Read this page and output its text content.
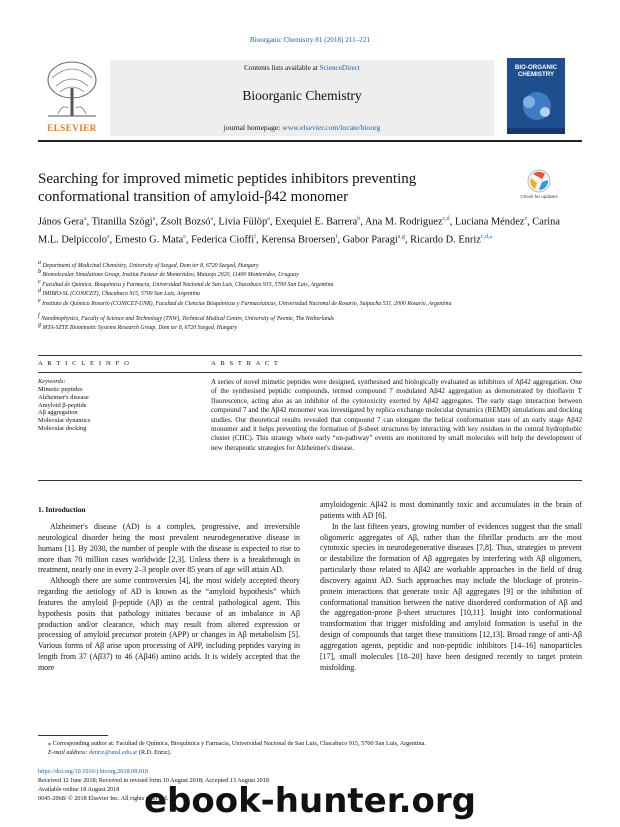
Bioorganic Chemistry 81 (2018) 211–221
ELSEVIER
Contents lists available at ScienceDirect
Bioorganic Chemistry
journal homepage: www.elsevier.com/locate/bioorg
BIO-ORGANIC CHEMISTRY
Searching for improved mimetic peptides inhibitors preventing conformational transition of amyloid-β42 monomer	Check for updates
János Gera$^a$, Titanilla Szögi$^a$, Zsolt Bozsó$^a$, Livia Fülöp$^a$, Exequiel E. Barrera$^b$, Ana M. Rodriguez$^{c,d}$, Luciana Méndez$^e$, Carina M.L. Delpiccolo$^e$, Ernesto G. Mata$^e$, Federica Cioffi$^f$, Kerensa Broersen$^f$, Gabor Paragi$^{a,g}$, Ricardo D. Enriz$^{c,d,⁎}$
$^a$ Department of Medicinal Chemistry, University of Szeged, Dom ter 8, 6720 Szeged, Hungary
$^b$ Biomolecular Simulations Group, Institut Pasteur de Montevideo, Mataojo 2020, 11400 Montevideo, Uruguay
$^c$ Facultad de Química, Bioquímica y Farmacia, Universidad Nacional de San Luis, Chacabuco 915, 5700 San Luis, Argentina
$^d$ IMIBIO-SL (CONICET), Chacabuco 915, 5700 San Luis, Argentina
$^e$ Instituto de Química Rosario (CONICET-UNR), Facultad de Ciencias Bioquímicas y Farmacéuticas, Universidad Nacional de Rosario, Suipacha 531, 2000 Rosario, Argentina
$^f$ Nanobiophysics, Faculty of Science and Technology (TNW), Technical Medical Centre, University of Twente, The Netherlands
$^g$ MTA-SZTE Biomimetic Systems Research Group, Dom ter 8, 6720 Szeged, Hungary
A R T I C L E I N F O	A B S T R A C T
Keywords:
Mimetic peptides
Alzheimer's disease
Amyloid β-peptide
Aβ aggregation
Molecular dynamics
Molecular docking
A series of novel mimetic peptides were designed, synthesised and biologically evaluated as inhibitors of Aβ42 aggregation. One of the synthesised peptidic compounds, termed compound 7 modulated Aβ42 aggregation as demonstrated by thioflavin T fluorescence, acting also as an inhibitor of the cytotoxicity exerted by Aβ42 aggregates. The early stage interaction between compound 7 and the Aβ42 monomer was investigated by replica exchange molecular dynamics (REMD) simulations and docking studies. Our theoretical results revealed that compound 7 can elongate the helical conformation state of an early stage Aβ42 monomer and it helps preventing the formation of β-sheet structures by interacting with key residues in the central hydrophobic cluster (CHC). This strategy where early “on-pathway” events are monitored by small molecules will help the development of new therapeutic strategies for Alzheimer's disease.
1. Introduction

Alzheimer's disease (AD) is a complex, progressive, and irreversible neurological disorder being the most prevalent neurodegenerative disease in humans [1]. By 2030, the number of people with the disease is expected to rise to more than 70 million cases worldwide [2,3]. Unless there is a breakthrough in treatment, nearly one in every 2–3 people over 85 years of age will attain AD.

Although there are some controversies [4], the most widely accepted theory regarding the aetiology of AD is known as the “amyloid hypothesis” which features the amyloid β-peptide (Aβ) as the central pathological agent. This hypothesis posits that pathology initiates because of an imbalance in Aβ production and/or clearance, which may result from altered expression or processing of amyloid precursor protein (APP) or changes in Aβ metabolism [5]. Various forms of Aβ arise upon processing of APP, including peptides varying in length from 37 (Aβ37) to 46 (Aβ46) amino acids. It is widely accepted that the more

amyloidogenic Aβ42 is most dominantly toxic and accumulates in the brain of patients with AD [6].

In the last fifteen years, growing number of evidences suggest that the small oligomeric aggregates of Aβ, rather than the fibrillar products are the most cytotoxic species in neurodegenerative diseases [7,8]. Thus, strategies to prevent or destabilize the formation of Aβ aggregates by interfering with Aβ oligomers, particularly those related to Aβ42 are workable approaches in the field of drug discovery against AD. Such approaches may include the blockage of protein–protein interactions that generate toxic Aβ aggregates [9] or the inhibition of conformational transition between the native disordered conformation of Aβ and the aggregation-prone β-sheet structures [10,11]. Insight into conformational transformation that trigger misfolding and amyloid formation is useful in the design of compounds that target these transitions [12,13]. Broad range of anti-Aβ aggregation agents, peptidic and non-peptidic inhibitors [14–16] nanoparticles [17], small molecules [18–20] have been designed recently to target protein misfolding.

⁎ Corresponding author at: Facultad de Química, Bioquímica y Farmacia, Universidad Nacional de San Luis, Chacabuco 915, 5700 San Luis, Argentina.
E-mail address: denriz@unsl.edu.ar (R.D. Enriz).
https://doi.org/10.1016/j.bioorg.2018.08.018
Received 12 June 2018; Received in revised form 10 August 2018; Accepted 13 August 2018
Available online 18 August 2018
0045-2068/ © 2018 Elsevier Inc. All rights reserved.
ebook-hunter.org
